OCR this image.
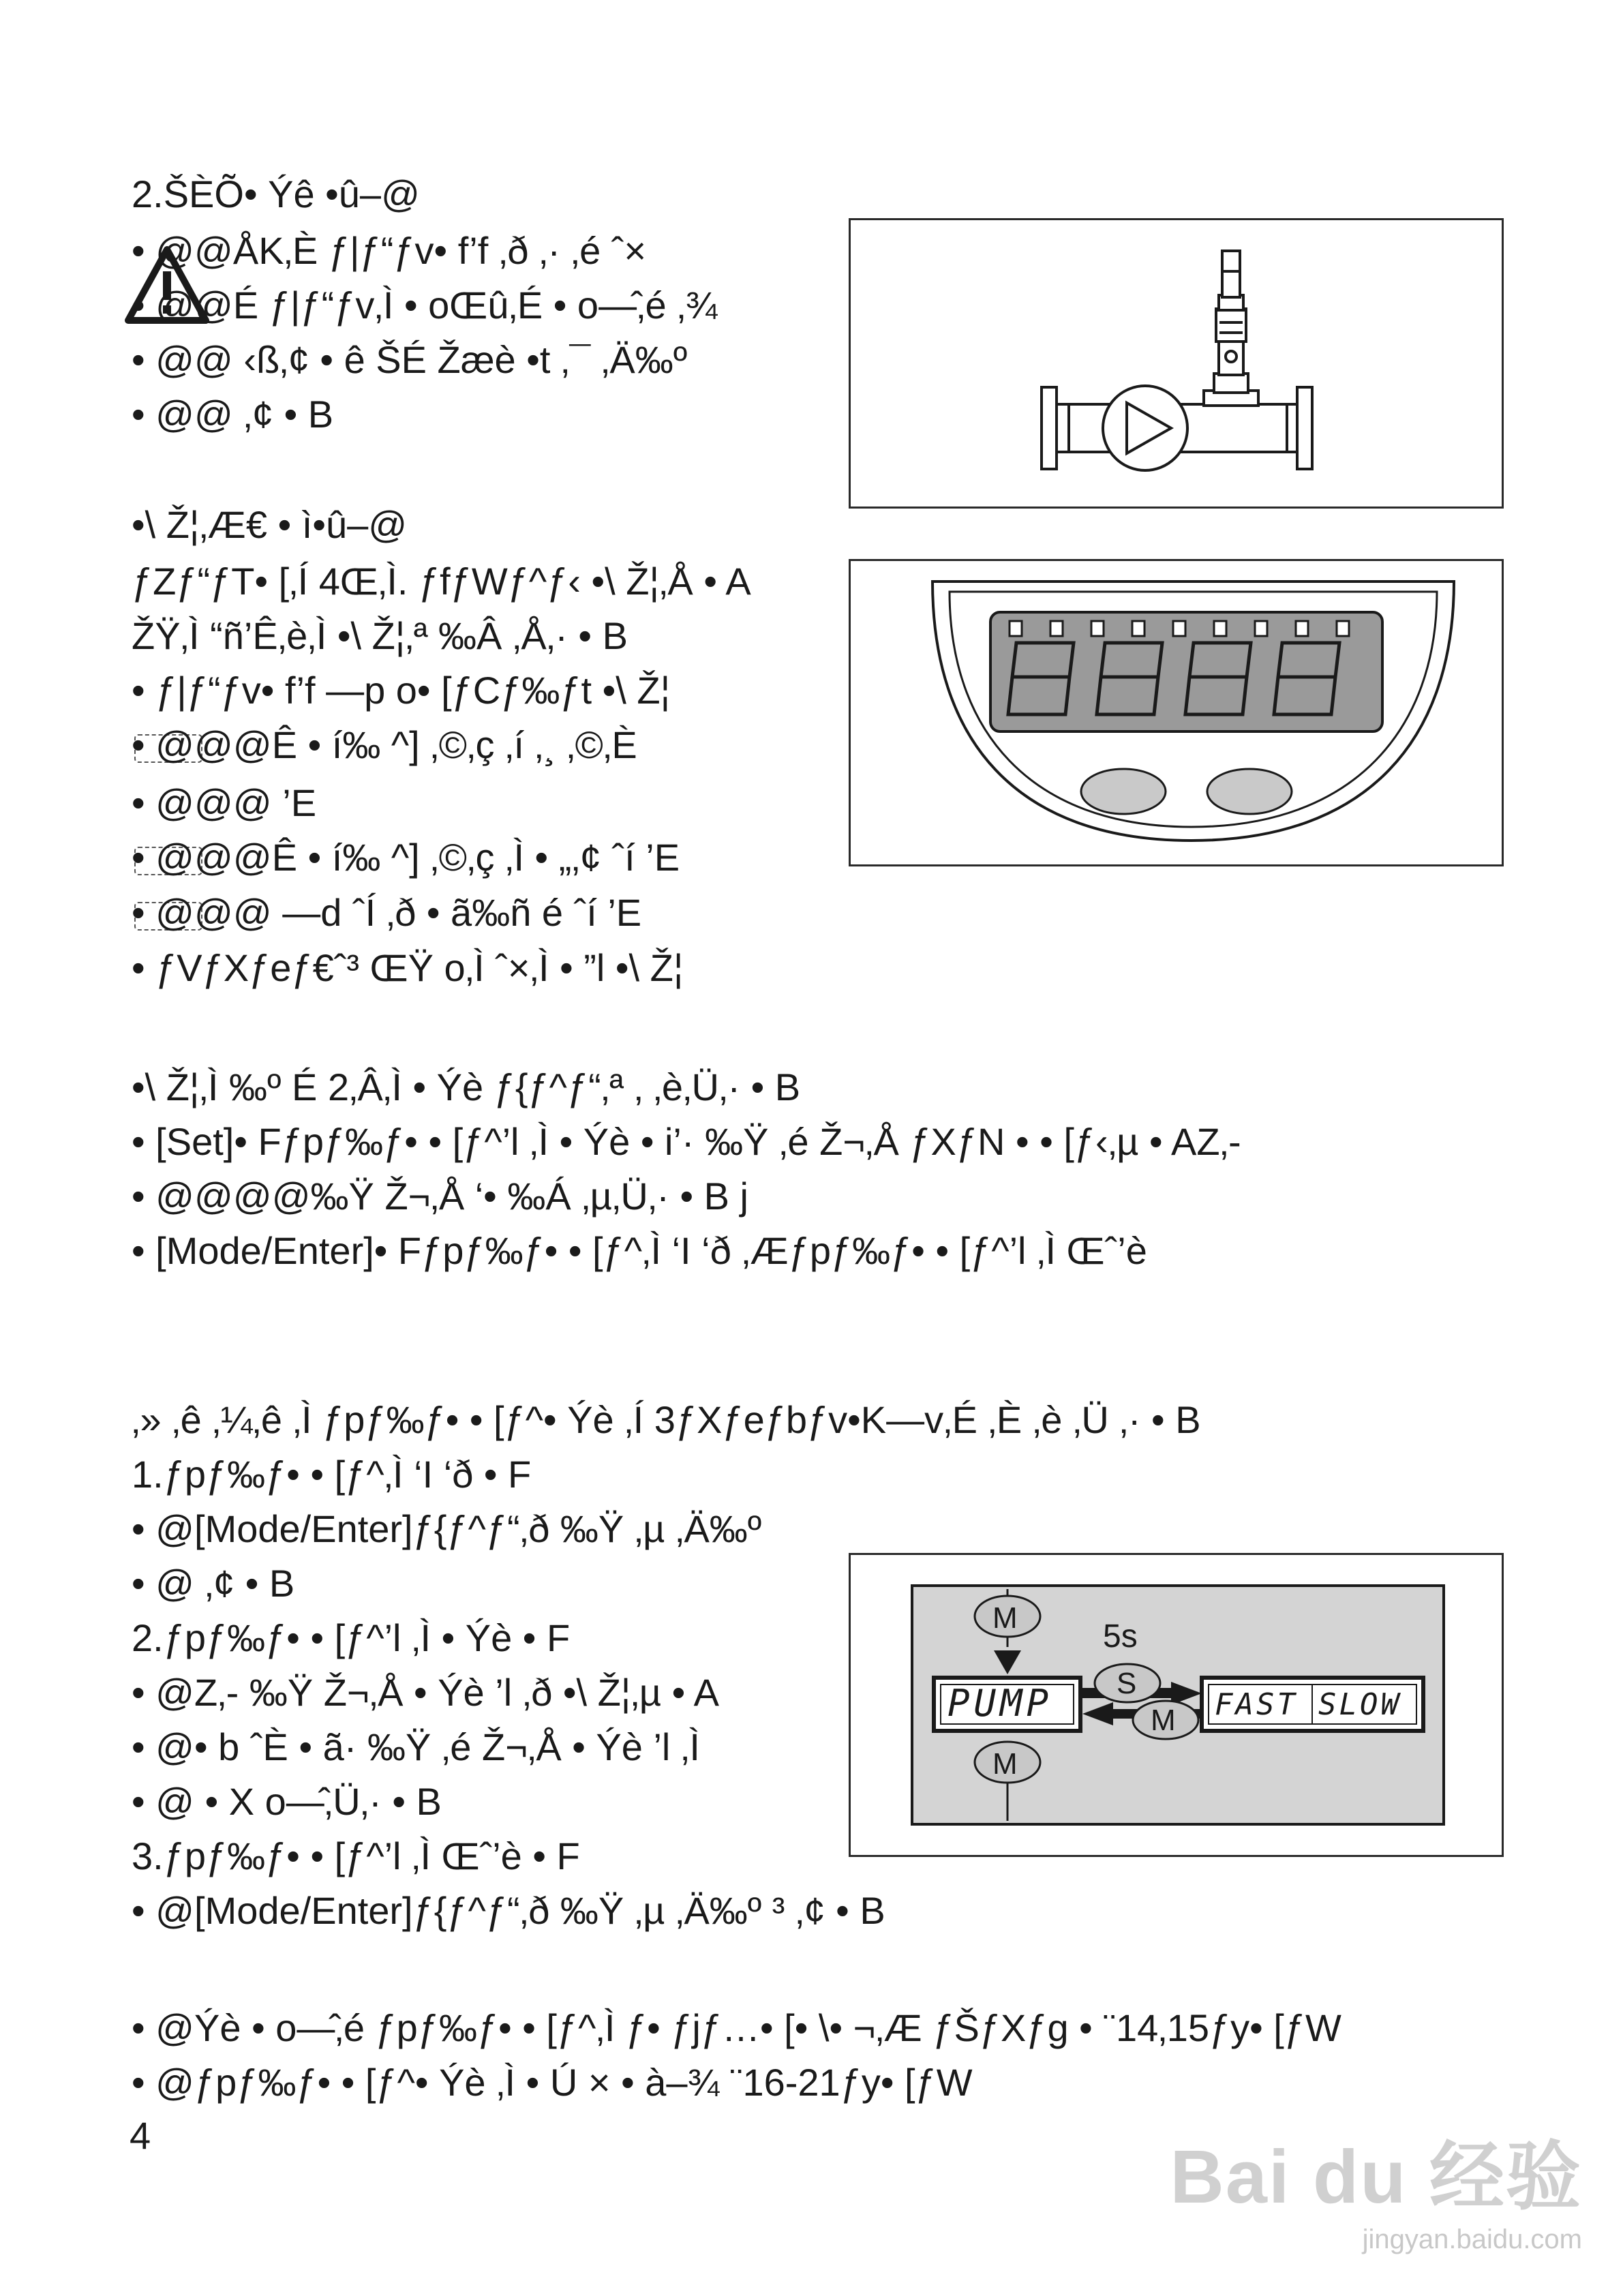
2.ŠÈÕ• Ýê •û–@
• @@ÅK‚È ƒ|ƒ“ƒv• f’f ‚ð ‚· ‚é ˆ×
• @@É ƒ|ƒ“ƒv‚Ì • oŒû‚É • o—̂‚é ‚¾
• @@ ‹ß‚¢ • ê ŠÉ Žæè •t ‚¯ ‚Ä‰º
• @@ ‚¢ • B
•\ Ž¦‚Æ€ • ì•û–@
ƒZƒ“ƒT• [‚Í 4Œ‚Ì. ƒfƒWƒ^ƒ‹ •\ Ž¦‚Å • A
ŽŸ‚Ì “ñ’Ê‚è‚Ì •\ Ž¦‚ª ‰Â ‚Å‚· • B
• ƒ|ƒ“ƒv• f’f —p o• [ƒCƒ‰ƒt •\ Ž¦
• @@@Ê • í‰ ^] ‚©‚ç ‚í ‚¸ ‚©‚È
• @@@ ’E
• @@@Ê • í‰ ^] ‚©‚ç ‚Ì • „‚¢ ˆí ’E
• @@@ —d ˆÍ ‚ð • ã‰ñ é ˆí ’E
• ƒVƒXƒeƒ€ˆ³ ŒŸ o‚Ì ˆ×‚Ì • ”l •\ Ž¦
•\ Ž¦‚Ì ‰º É 2‚Â‚Ì • Ýè ƒ{ƒ^ƒ“‚ª ‚ ‚è‚Ü‚· • B
• [Set]• Fƒpƒ‰ƒ• • [ƒ^’l ‚Ì • Ýè • i’· ‰Ÿ ‚é Ž¬‚Å ƒXƒN • • [ƒ‹‚µ • AZ‚-
• @@@@‰Ÿ Ž¬‚Å ‘• ‰Á ‚µ‚Ü‚· • B j
• [Mode/Enter]• Fƒpƒ‰ƒ• • [ƒ^‚Ì ‘I ‘ð ‚Æƒpƒ‰ƒ• • [ƒ^’l ‚Ì Œˆ’è
‚» ‚ê ‚¼‚ê ‚Ì ƒpƒ‰ƒ• • [ƒ^• Ýè ‚Í 3ƒXƒeƒbƒv•K—v‚É ‚È ‚è ‚Ü ‚· • B
1.ƒpƒ‰ƒ• • [ƒ^‚Ì ‘I ‘ð • F
• @[Mode/Enter]ƒ{ƒ^ƒ“‚ð ‰Ÿ ‚µ ‚Ä‰º
• @ ‚¢ • B
2.ƒpƒ‰ƒ• • [ƒ^’l ‚Ì • Ýè • F
• @Z‚- ‰Ÿ Ž¬‚Å • Ýè ’l ‚ð •\ Ž¦‚µ • A
• @• b ˆÈ • ã· ‰Ÿ ‚é Ž¬‚Å • Ýè ’l ‚Ì
• @ • X o—̂‚Ü‚· • B
3.ƒpƒ‰ƒ• • [ƒ^’l ‚Ì Œˆ’è • F
• @[Mode/Enter]ƒ{ƒ^ƒ“‚ð ‰Ÿ ‚µ ‚Ä‰º ³ ‚¢ • B
• @Ýè • o—̂‚é ƒpƒ‰ƒ• • [ƒ^‚Ì ƒ• ƒjƒ…• [• \• ¬‚Æ ƒŠƒXƒg • ¨14‚15ƒy• [ƒW
• @ƒpƒ‰ƒ• • [ƒ^• Ýè ‚Ì • Ú × • à–¾ ¨16-21ƒy• [ƒW
4
M
M
S
M
5s
PUMP	FAST SLOW
Bai du 经验
jingyan.baidu.com
